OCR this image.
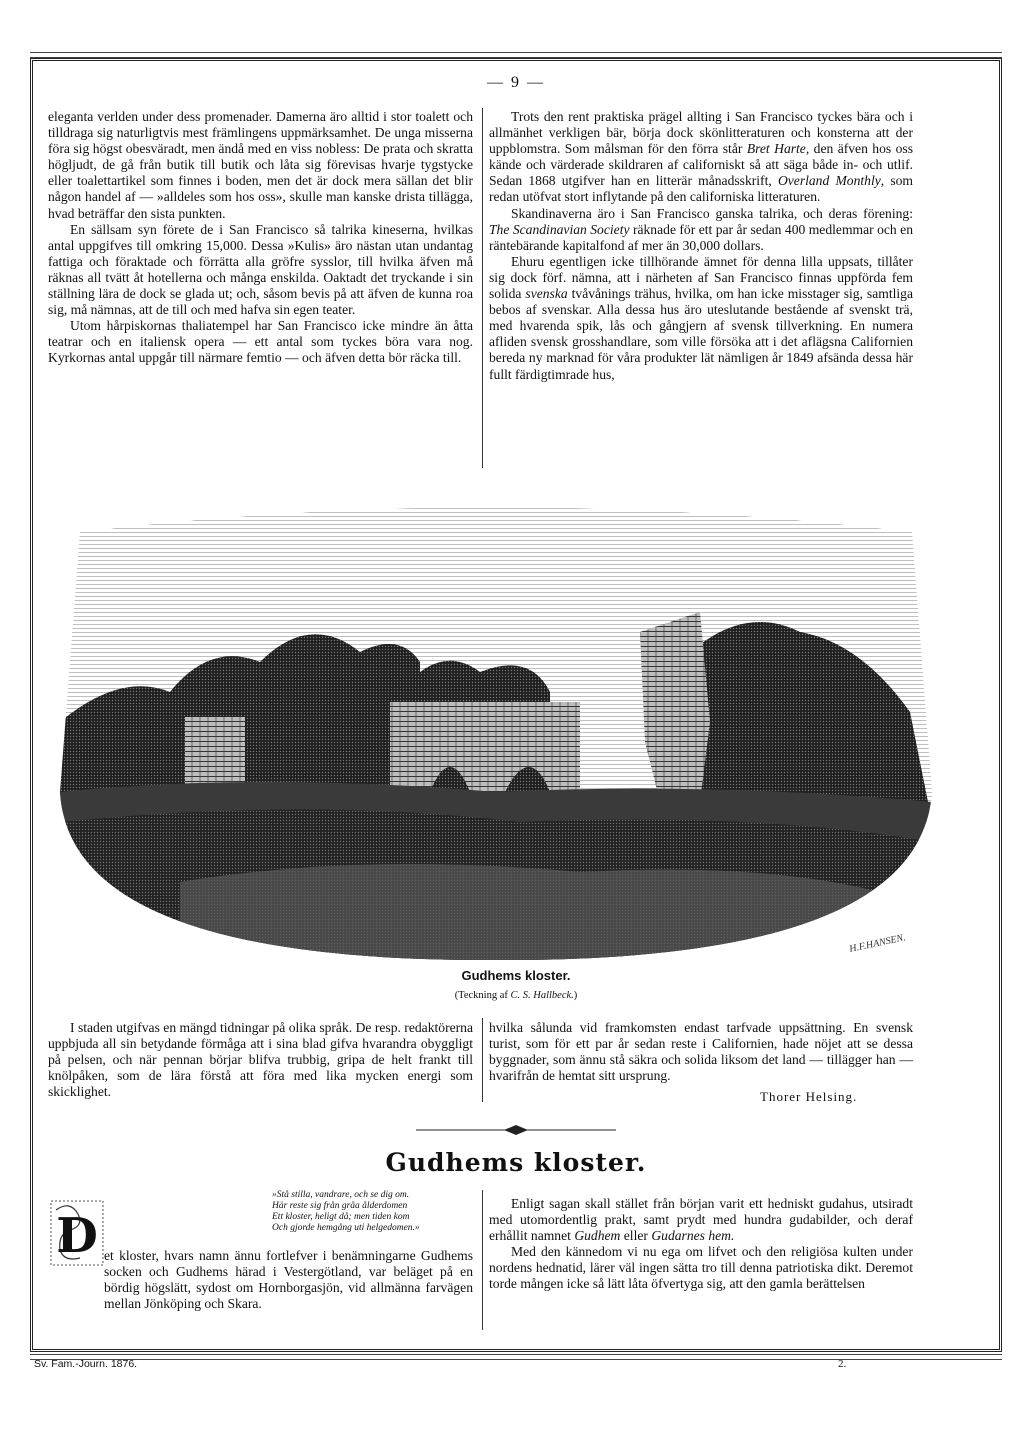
— 9 —

eleganta verlden under dess promenader. Damerna äro alltid i stor toalett och tilldraga sig naturligtvis mest främlingens uppmärksamhet. De unga misserna föra sig högst obesväradt, men ändå med en viss nobless: De prata och skratta högljudt, de gå från butik till butik och låta sig förevisas hvarje tygstycke eller toalettartikel som finnes i boden, men det är dock mera sällan det blir någon handel af — »alldeles som hos oss», skulle man kanske drista tillägga, hvad beträffar den sista punkten.

En sällsam syn förete de i San Francisco så talrika kineserna, hvilkas antal uppgifves till omkring 15,000. Dessa »Kulis» äro nästan utan undantag fattiga och föraktade och förrätta alla gröfre sysslor, till hvilka äfven må räknas all tvätt åt hotellerna och många enskilda. Oaktadt det tryckande i sin ställning lära de dock se glada ut; och, såsom bevis på att äfven de kunna roa sig, må nämnas, att de till och med hafva sin egen teater.

Utom hårpiskornas thaliatempel har San Francisco icke mindre än åtta teatrar och en italiensk opera — ett antal som tyckes böra vara nog. Kyrkornas antal uppgår till närmare femtio — och äfven detta bör räcka till.

Trots den rent praktiska prägel allting i San Francisco tyckes bära och i allmänhet verkligen bär, börja dock skönlitteraturen och konsterna att der uppblomstra. Som målsman för den förra står Bret Harte, den äfven hos oss kände och värderade skildraren af californiskt så att säga både in- och utlif. Sedan 1868 utgifver han en litterär månadsskrift, Overland Monthly, som redan utöfvat stort inflytande på den californiska litteraturen.

Skandinaverna äro i San Francisco ganska talrika, och deras förening: The Scandinavian Society räknade för ett par år sedan 400 medlemmar och en räntebärande kapitalfond af mer än 30,000 dollars.

Ehuru egentligen icke tillhörande ämnet för denna lilla uppsats, tillåter sig dock förf. nämna, att i närheten af San Francisco finnas uppförda fem solida svenska tvåvånings trähus, hvilka, om han icke misstager sig, samtliga bebos af svenskar. Alla dessa hus äro uteslutande bestående af svenskt trä, med hvarenda spik, lås och gångjern af svensk tillverkning. En numera afliden svensk grosshandlare, som ville försöka att i det aflägsna Californien bereda ny marknad för våra produkter lät nämligen år 1849 afsända dessa här fullt färdigtimrade hus,

H.F.HANSEN.
Gudhems kloster.
(Teckning af C. S. Hallbeck.)

I staden utgifvas en mängd tidningar på olika språk. De resp. redaktörerna uppbjuda all sin betydande förmåga att i sina blad gifva hvarandra obyggligt på pelsen, och när pennan börjar blifva trubbig, gripa de helt frankt till knölpåken, som de lära förstå att föra med lika mycken energi som skicklighet.

hvilka sålunda vid framkomsten endast tarfvade uppsättning. En svensk turist, som för ett par år sedan reste i Californien, hade nöjet att se dessa byggnader, som ännu stå säkra och solida liksom det land — tillägger han — hvarifrån de hemtat sitt ursprung.

Thorer Helsing.
Gudhems kloster.
»Stå stilla, vandrare, och se dig om.
Här reste sig från gråa ålderdomen
Ett kloster, heligt då; men tiden kom
Och gjorde hemgång uti helgedomen.»
D et kloster, hvars namn ännu fortlefver i benämningarne Gudhems socken och Gudhems härad i Vestergötland, var beläget på en bördig högslätt, sydost om Hornborgasjön, vid allmänna farvägen mellan Jönköping och Skara.

Enligt sagan skall stället från början varit ett hedniskt gudahus, utsiradt med utomordentlig prakt, samt prydt med hundra gudabilder, och deraf erhållit namnet Gudhem eller Gudarnes hem.

Med den kännedom vi nu ega om lifvet och den religiösa kulten under nordens hednatid, lärer väl ingen sätta tro till denna patriotiska dikt. Deremot torde mången icke så lätt låta öfvertyga sig, att den gamla berättelsen

Sv. Fam.-Journ. 1876.	2.
